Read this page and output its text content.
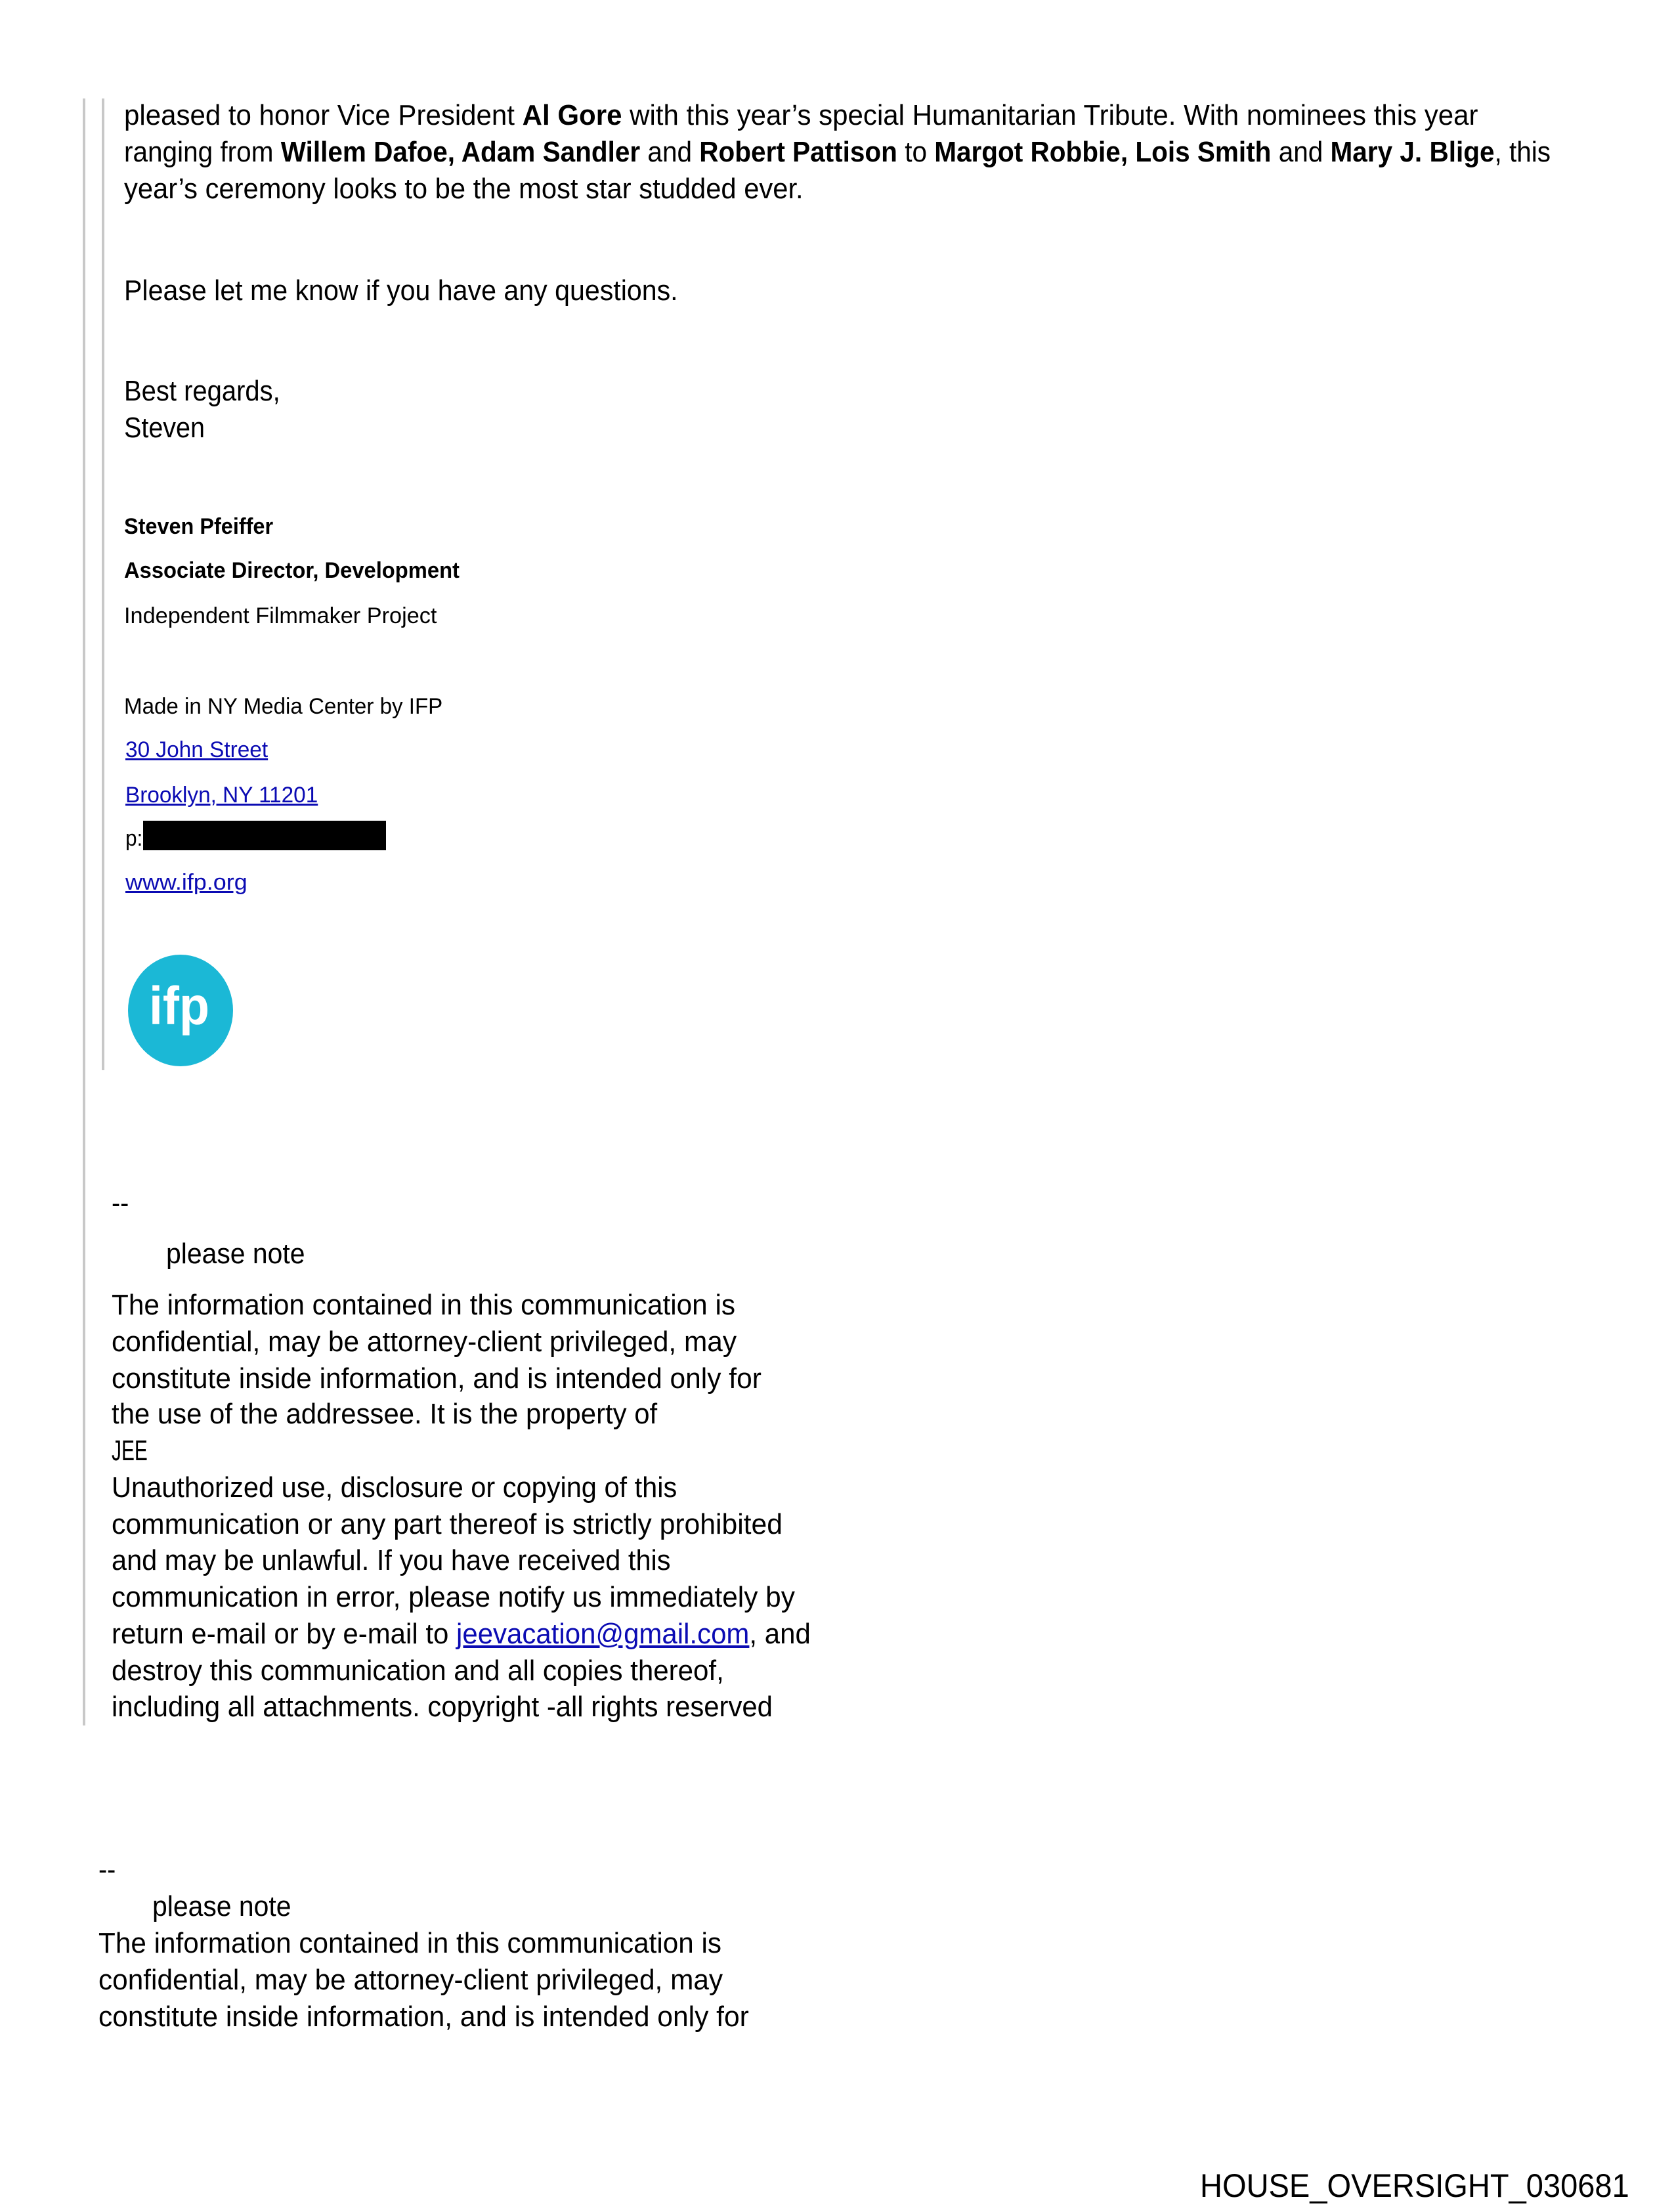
pleased to honor Vice President Al Gore with this year’s special Humanitarian Tribute. With nominees this year
ranging from Willem Dafoe, Adam Sandler and Robert Pattison to Margot Robbie, Lois Smith and Mary J. Blige, this
year’s ceremony looks to be the most star studded ever.
Please let me know if you have any questions.
Best regards,
Steven
Steven Pfeiffer
Associate Director, Development
Independent Filmmaker Project
Made in NY Media Center by IFP
30 John Street
Brooklyn, NY 11201
p:
www.ifp.org
ifp
--
please note
The information contained in this communication is
confidential, may be attorney-client privileged, may
constitute inside information, and is intended only for
the use of the addressee. It is the property of
JEE
Unauthorized use, disclosure or copying of this
communication or any part thereof is strictly prohibited
and may be unlawful. If you have received this
communication in error, please notify us immediately by
return e-mail or by e-mail to jeevacation@gmail.com, and
destroy this communication and all copies thereof,
including all attachments. copyright -all rights reserved
--
please note
The information contained in this communication is
confidential, may be attorney-client privileged, may
constitute inside information, and is intended only for
HOUSE_OVERSIGHT_030681
